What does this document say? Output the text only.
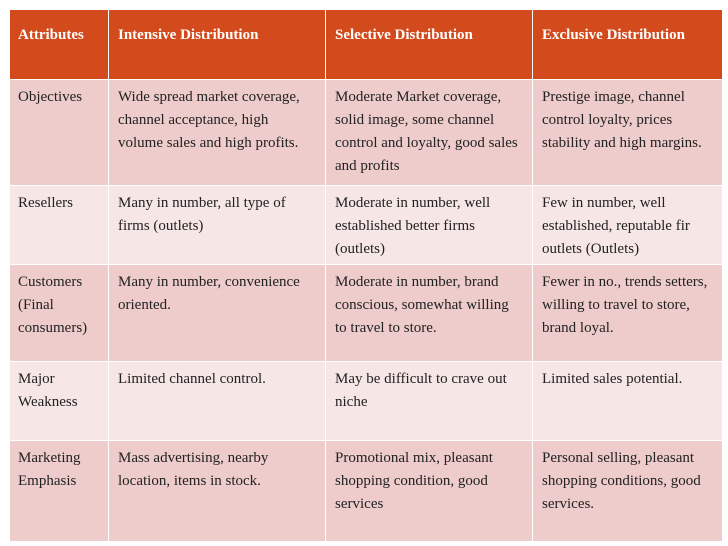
Attributes	Intensive Distribution	Selective Distribution	Exclusive Distribution
Objectives	Wide spread market coverage, channel acceptance, high volume sales and high profits.	Moderate Market coverage, solid image, some channel control and loyalty, good sales and profits	Prestige image, channel control loyalty, prices stability and high margins.
Resellers	Many in number, all type of firms (outlets)	Moderate in number, well established better firms (outlets)	Few in number, well established, reputable fir outlets (Outlets)
Customers (Final consumers)	Many in number, convenience oriented.	Moderate in number, brand conscious, somewhat willing to travel to store.	Fewer in no., trends setters, willing to travel to store, brand loyal.
Major Weakness	Limited channel control.	May be difficult to crave out niche	Limited sales potential.
Marketing Emphasis	Mass advertising, nearby location, items in stock.	Promotional mix, pleasant shopping condition, good services	Personal selling, pleasant shopping conditions, good services.
